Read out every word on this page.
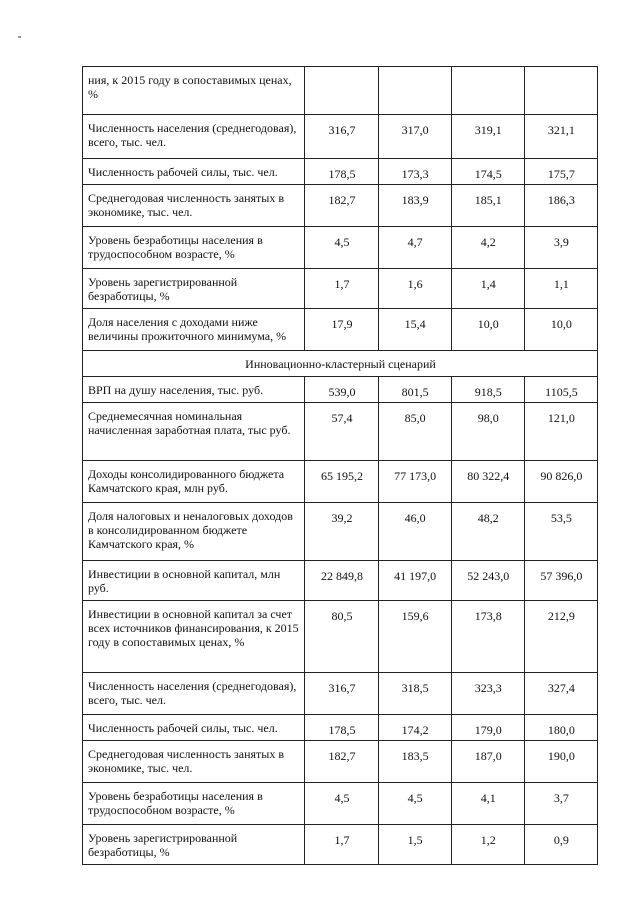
ния, к 2015 году в сопоставимых ценах, %				
Численность населения (среднегодовая), всего, тыс. чел.	316,7	317,0	319,1	321,1
Численность рабочей силы, тыс. чел.	178,5	173,3	174,5	175,7
Среднегодовая численность занятых в экономике, тыс. чел.	182,7	183,9	185,1	186,3
Уровень безработицы населения в трудоспособном возрасте, %	4,5	4,7	4,2	3,9
Уровень зарегистрированной безработицы, %	1,7	1,6	1,4	1,1
Доля населения с доходами ниже величины прожиточного минимума, %	17,9	15,4	10,0	10,0
Инновационно-кластерный сценарий				
ВРП на душу населения, тыс. руб.	539,0	801,5	918,5	1105,5
Среднемесячная номинальная начисленная заработная плата, тыс руб.	57,4	85,0	98,0	121,0
Доходы консолидированного бюджета Камчатского края, млн руб.	65 195,2	77 173,0	80 322,4	90 826,0
Доля налоговых и неналоговых доходов в консолидированном бюджете Камчатского края, %	39,2	46,0	48,2	53,5
Инвестиции в основной капитал, млн руб.	22 849,8	41 197,0	52 243,0	57 396,0
Инвестиции в основной капитал за счет всех источников финансирования, к 2015 году в сопоставимых ценах, %	80,5	159,6	173,8	212,9
Численность населения (среднегодовая), всего, тыс. чел.	316,7	318,5	323,3	327,4
Численность рабочей силы, тыс. чел.	178,5	174,2	179,0	180,0
Среднегодовая численность занятых в экономике, тыс. чел.	182,7	183,5	187,0	190,0
Уровень безработицы населения в трудоспособном возрасте, %	4,5	4,5	4,1	3,7
Уровень зарегистрированной безработицы, %	1,7	1,5	1,2	0,9
